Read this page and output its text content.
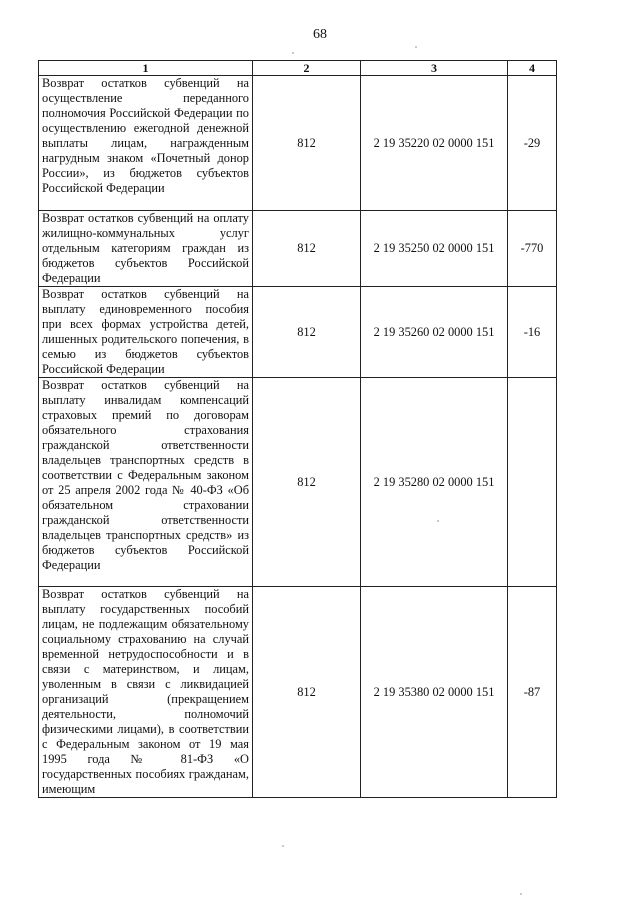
68
1	2	3	4
Возврат остатков субвенций на осуществление переданного полномочия Российской Федерации по осуществлению ежегодной денежной выплаты лицам, награжденным нагрудным знаком «Почетный донор России», из бюджетов субъектов Российской Федерации	812	2 19 35220 02 0000 151	-29
Возврат остатков субвенций на оплату жилищно-коммунальных услуг отдельным категориям граждан из бюджетов субъектов Российской Федерации	812	2 19 35250 02 0000 151	-770
Возврат остатков субвенций на выплату единовременного пособия при всех формах устройства детей, лишенных родительского попечения, в семью из бюджетов субъектов Российской Федерации	812	2 19 35260 02 0000 151	-16
Возврат остатков субвенций на выплату инвалидам компенсаций страховых премий по договорам обязательного страхования гражданской ответственности владельцев транспортных средств в соответствии с Федеральным законом от 25 апреля 2002 года № 40-ФЗ «Об обязательном страховании гражданской ответственности владельцев транспортных средств» из бюджетов субъектов Российской Федерации	812	2 19 35280 02 0000 151	
Возврат остатков субвенций на выплату государственных пособий лицам, не подлежащим обязательному социальному страхованию на случай временной нетрудоспособности и в связи с материнством, и лицам, уволенным в связи с ликвидацией организаций (прекращением деятельности, полномочий физическими лицами), в соответствии с Федеральным законом от 19 мая 1995 года № 81-ФЗ «О государственных пособиях гражданам, имеющим	812	2 19 35380 02 0000 151	-87
